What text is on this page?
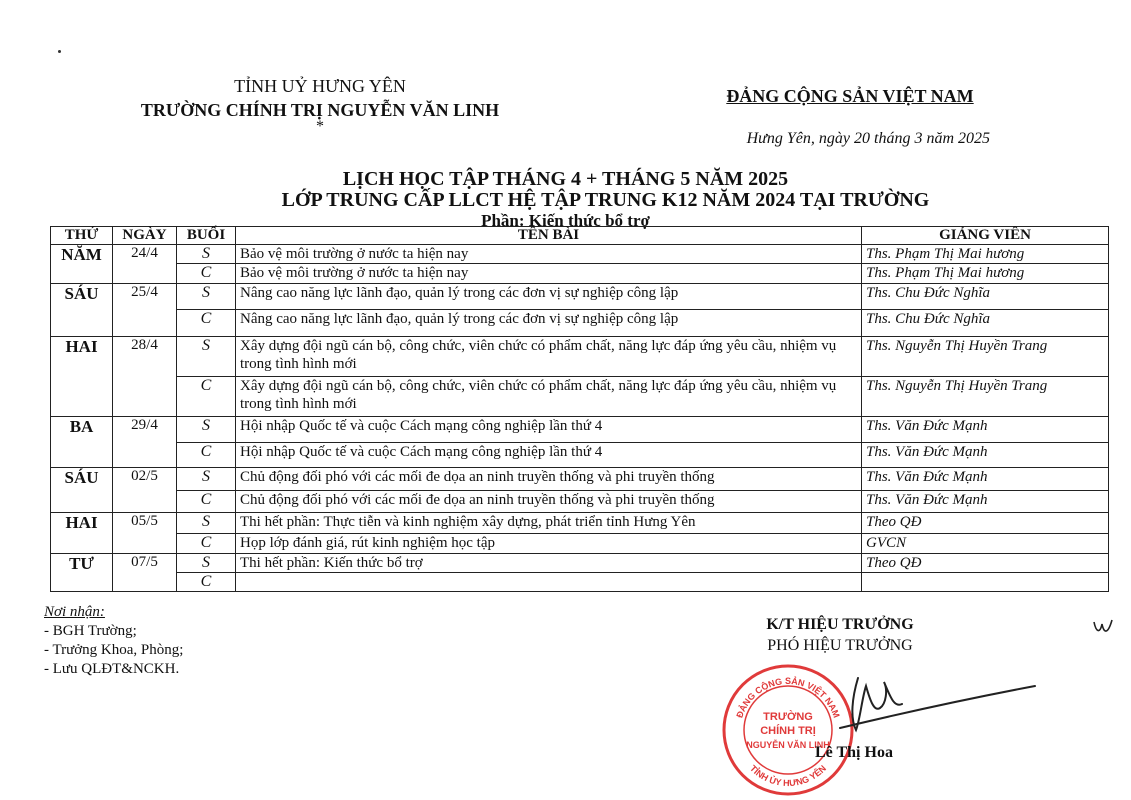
TỈNH UỶ HƯNG YÊN
TRƯỜNG CHÍNH TRỊ NGUYỄN VĂN LINH
*
ĐẢNG CỘNG SẢN VIỆT NAM
Hưng Yên, ngày 20 tháng 3 năm 2025
LỊCH HỌC TẬP THÁNG 4 + THÁNG 5 NĂM 2025
LỚP TRUNG CẤP LLCT HỆ TẬP TRUNG K12 NĂM 2024 TẠI TRƯỜNG
Phần: Kiến thức bổ trợ
THỨ	NGÀY	BUỔI	TÊN BÀI	GIẢNG VIÊN
NĂM	24/4	S	Bảo vệ môi trường ở nước ta hiện nay	Ths. Phạm Thị Mai hương
		C	Bảo vệ môi trường ở nước ta hiện nay	Ths. Phạm Thị Mai hương
SÁU	25/4	S	Nâng cao năng lực lãnh đạo, quản lý trong các đơn vị sự nghiệp công lập	Ths. Chu Đức Nghĩa
		C	Nâng cao năng lực lãnh đạo, quản lý trong các đơn vị sự nghiệp công lập	Ths. Chu Đức Nghĩa
HAI	28/4	S	Xây dựng đội ngũ cán bộ, công chức, viên chức có phẩm chất, năng lực đáp ứng yêu cầu, nhiệm vụ trong tình hình mới	Ths. Nguyễn Thị Huyền Trang
		C	Xây dựng đội ngũ cán bộ, công chức, viên chức có phẩm chất, năng lực đáp ứng yêu cầu, nhiệm vụ trong tình hình mới	Ths. Nguyễn Thị Huyền Trang
BA	29/4	S	Hội nhập Quốc tế và cuộc Cách mạng công nghiệp lần thứ 4	Ths. Văn Đức Mạnh
		C	Hội nhập Quốc tế và cuộc Cách mạng công nghiệp lần thứ 4	Ths. Văn Đức Mạnh
SÁU	02/5	S	Chủ động đối phó với các mối đe dọa an ninh truyền thống và phi truyền thống	Ths. Văn Đức Mạnh
		C	Chủ động đối phó với các mối đe dọa an ninh truyền thống và phi truyền thống	Ths. Văn Đức Mạnh
HAI	05/5	S	Thi hết phần: Thực tiễn và kinh nghiệm xây dựng, phát triển tỉnh Hưng Yên	Theo QĐ
		C	Họp lớp đánh giá, rút kinh nghiệm học tập	GVCN
TƯ	07/5	S	Thi hết phần: Kiến thức bổ trợ	Theo QĐ
		C		
Nơi nhận:
- BGH Trường;
- Trưởng Khoa, Phòng;
- Lưu QLĐT&NCKH.
K/T HIỆU TRƯỞNG
PHÓ HIỆU TRƯỞNG
ĐẢNG CỘNG SẢN VIỆT NAM
TỈNH ỦY HƯNG YÊN
TRƯỜNG
CHÍNH TRỊ
NGUYỄN VĂN LINH
Lê Thị Hoa
